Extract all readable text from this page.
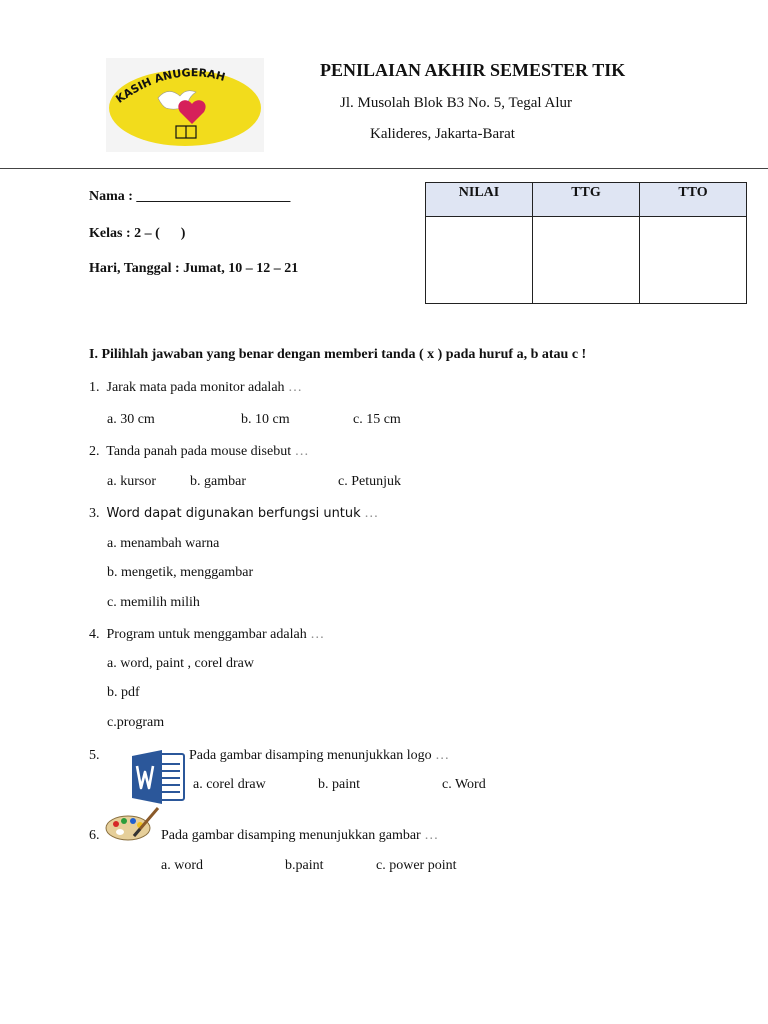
KASIH ANUGERAH	PENILAIAN AKHIR SEMESTER TIK
Jl. Musolah Blok B3 No. 5, Tegal Alur
Kalideres, Jakarta-Barat
Nama : ______________________
Kelas : 2 – (      )
Hari, Tanggal : Jumat, 10 – 12 – 21
NILAI	TTG	TTO

I. Pilihlah jawaban yang benar dengan memberi tanda ( x ) pada huruf a, b atau c !
1. Jarak mata pada monitor adalah …
a. 30 cm	b. 10 cm	c. 15 cm
2. Tanda panah pada mouse disebut …
a. kursor b. gambar	c. Petunjuk
3. Word dapat digunakan berfungsi untuk …
a. menambah warna
b. mengetik, menggambar
c. memilih milih
4. Program untuk menggambar adalah …
a. word, paint , corel draw
b. pdf
c.program
5.	Pada gambar disamping menunjukkan logo …
a. corel draw	b. paint	c. Word
6.	Pada gambar disamping menunjukkan gambar …
a. word	b.paint	c. power point
